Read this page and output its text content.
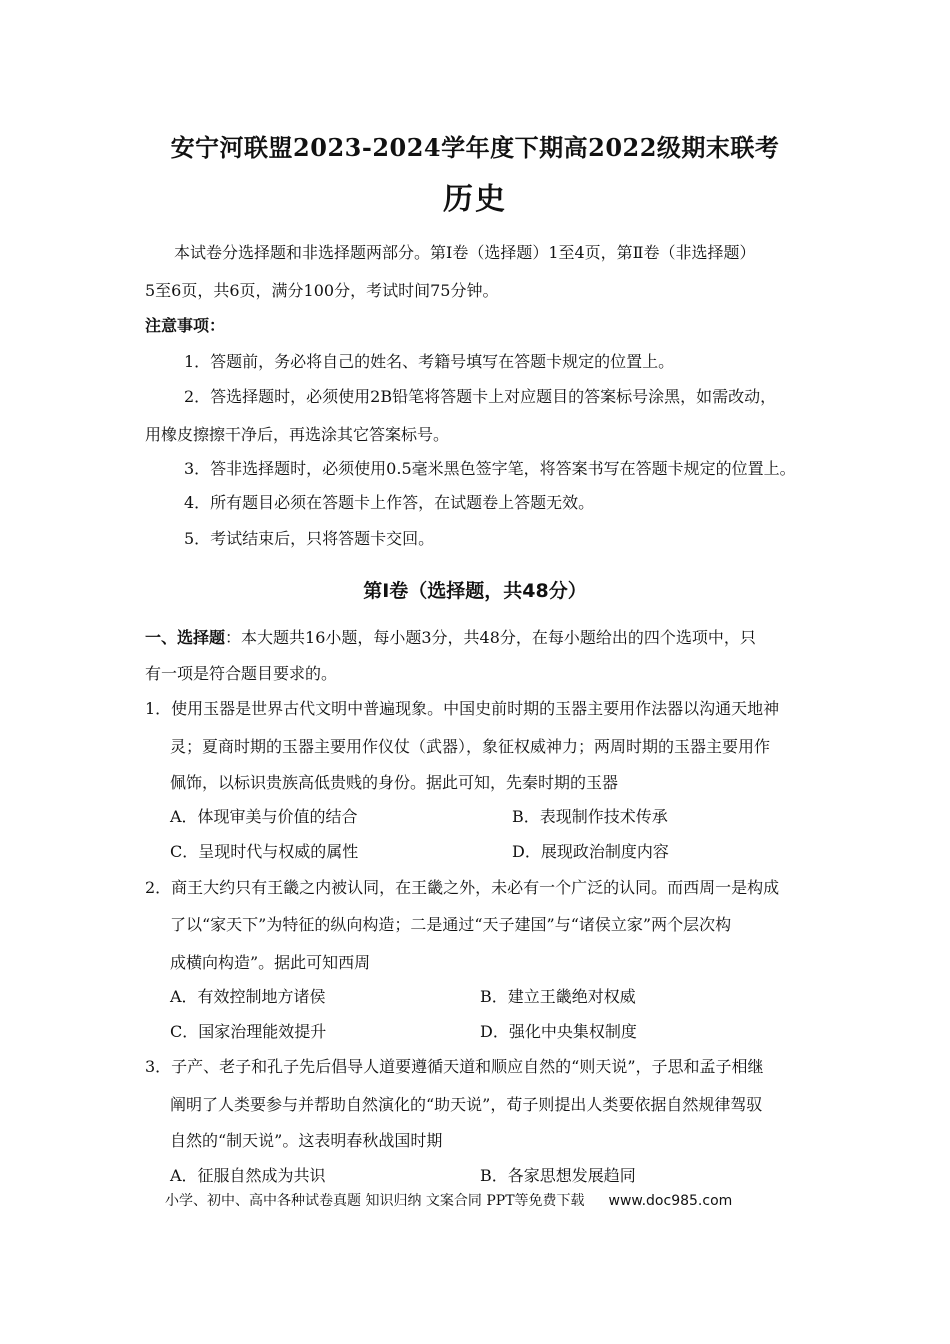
安宁河联盟2023-2024学年度下期高2022级期末联考
历史
本试卷分选择题和非选择题两部分。第Ⅰ卷（选择题）1至4页，第Ⅱ卷（非选择题）
5至6页，共6页，满分100分，考试时间75分钟。
注意事项：
1．答题前，务必将自己的姓名、考籍号填写在答题卡规定的位置上。
2．答选择题时，必须使用2B铅笔将答题卡上对应题目的答案标号涂黑，如需改动，
用橡皮擦擦干净后，再选涂其它答案标号。
3．答非选择题时，必须使用0.5毫米黑色签字笔，将答案书写在答题卡规定的位置上。
4．所有题目必须在答题卡上作答，在试题卷上答题无效。
5．考试结束后，只将答题卡交回。
第Ⅰ卷（选择题，共48分）
一、选择题：本大题共16小题，每小题3分，共48分，在每小题给出的四个选项中，只
有一项是符合题目要求的。
1．使用玉器是世界古代文明中普遍现象。中国史前时期的玉器主要用作法器以沟通天地神
灵；夏商时期的玉器主要用作仪仗（武器），象征权威神力；两周时期的玉器主要用作
佩饰，以标识贵族高低贵贱的身份。据此可知，先秦时期的玉器
A．体现审美与价值的结合	B．表现制作技术传承
C．呈现时代与权威的属性	D．展现政治制度内容
2．商王大约只有王畿之内被认同，在王畿之外，未必有一个广泛的认同。而西周一是构成
了以“家天下”为特征的纵向构造；二是通过“天子建国”与“诸侯立家”两个层次构
成横向构造”。据此可知西周
A．有效控制地方诸侯	B．建立王畿绝对权威
C．国家治理能效提升	D．强化中央集权制度
3．子产、老子和孔子先后倡导人道要遵循天道和顺应自然的“则天说”，子思和孟子相继
阐明了人类要参与并帮助自然演化的“助天说”，荀子则提出人类要依据自然规律驾驭
自然的“制天说”。这表明春秋战国时期
A．征服自然成为共识	B．各家思想发展趋同
小学、初中、高中各种试卷真题 知识归纳 文案合同 PPT等免费下载 www.doc985.com
